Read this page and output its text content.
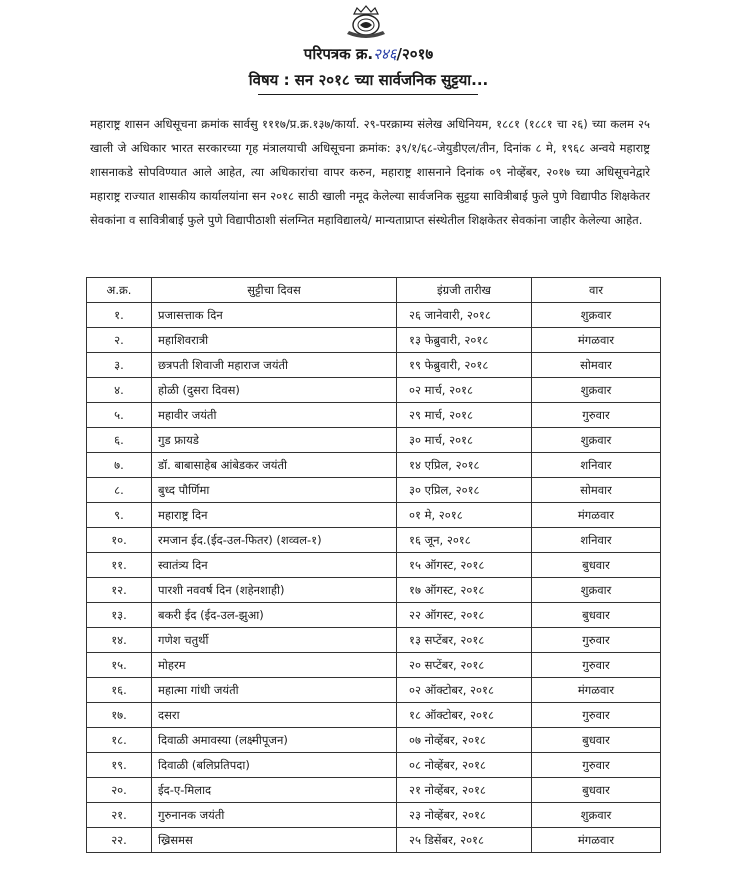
परिपत्रक क्र.२४६/२०१७
विषय : सन २०१८ च्या सार्वजनिक सुट्टया...
महाराष्ट्र शासन अधिसूचना क्रमांक सार्वसु १११७/प्र.क्र.१३७/कार्या. २९-परक्राम्य संलेख अधिनियम, १८८१ (१८८१ चा २६) च्या कलम २५ खाली जे अधिकार भारत सरकारच्या गृह मंत्रालयाची अधिसूचना क्रमांक: ३९/१/६८-जेयुडीएल/तीन, दिनांक ८ मे, १९६८ अन्वये महाराष्ट्र शासनाकडे सोपविण्यात आले आहेत, त्या अधिकारांचा वापर करुन, महाराष्ट्र शासनाने दिनांक ०९ नोव्हेंबर, २०१७ च्या अधिसूचनेद्वारे महाराष्ट्र राज्यात शासकीय कार्यालयांना सन २०१८ साठी खाली नमूद केलेल्या सार्वजनिक सुट्टया सावित्रीबाई फुले पुणे विद्यापीठ शिक्षकेतर सेवकांना व सावित्रीबाई फुले पुणे विद्यापीठाशी संलग्नित महाविद्यालये/ मान्यताप्राप्त संस्थेतील शिक्षकेतर सेवकांना जाहीर केलेल्या आहेत.
अ.क्र.	सुट्टीचा दिवस	इंग्रजी तारीख	वार
१.	प्रजासत्ताक दिन	२६ जानेवारी, २०१८	शुक्रवार
२.	महाशिवरात्री	१३ फेब्रुवारी, २०१८	मंगळवार
३.	छत्रपती शिवाजी महाराज जयंती	१९ फेब्रुवारी, २०१८	सोमवार
४.	होळी (दुसरा दिवस)	०२ मार्च, २०१८	शुक्रवार
५.	महावीर जयंती	२९ मार्च, २०१८	गुरुवार
६.	गुड फ्रायडे	३० मार्च, २०१८	शुक्रवार
७.	डॉ. बाबासाहेब आंबेडकर जयंती	१४ एप्रिल, २०१८	शनिवार
८.	बुध्द पौर्णिमा	३० एप्रिल, २०१८	सोमवार
९.	महाराष्ट्र दिन	०१ मे, २०१८	मंगळवार
१०.	रमजान ईद.(ईद-उल-फितर) (शव्वल-१)	१६ जून, २०१८	शनिवार
११.	स्वातंत्र्य दिन	१५ ऑगस्ट, २०१८	बुधवार
१२.	पारशी नववर्ष दिन (शहेनशाही)	१७ ऑगस्ट, २०१८	शुक्रवार
१३.	बकरी ईद (ईद-उल-झुआ)	२२ ऑगस्ट, २०१८	बुधवार
१४.	गणेश चतुर्थी	१३ सप्टेंबर, २०१८	गुरुवार
१५.	मोहरम	२० सप्टेंबर, २०१८	गुरुवार
१६.	महात्मा गांधी जयंती	०२ ऑक्टोबर, २०१८	मंगळवार
१७.	दसरा	१८ ऑक्टोबर, २०१८	गुरुवार
१८.	दिवाळी अमावस्या (लक्ष्मीपूजन)	०७ नोव्हेंबर, २०१८	बुधवार
१९.	दिवाळी (बलिप्रतिपदा)	०८ नोव्हेंबर, २०१८	गुरुवार
२०.	ईद-ए-मिलाद	२१ नोव्हेंबर, २०१८	बुधवार
२१.	गुरुनानक जयंती	२३ नोव्हेंबर, २०१८	शुक्रवार
२२.	ख्रिसमस	२५ डिसेंबर, २०१८	मंगळवार
